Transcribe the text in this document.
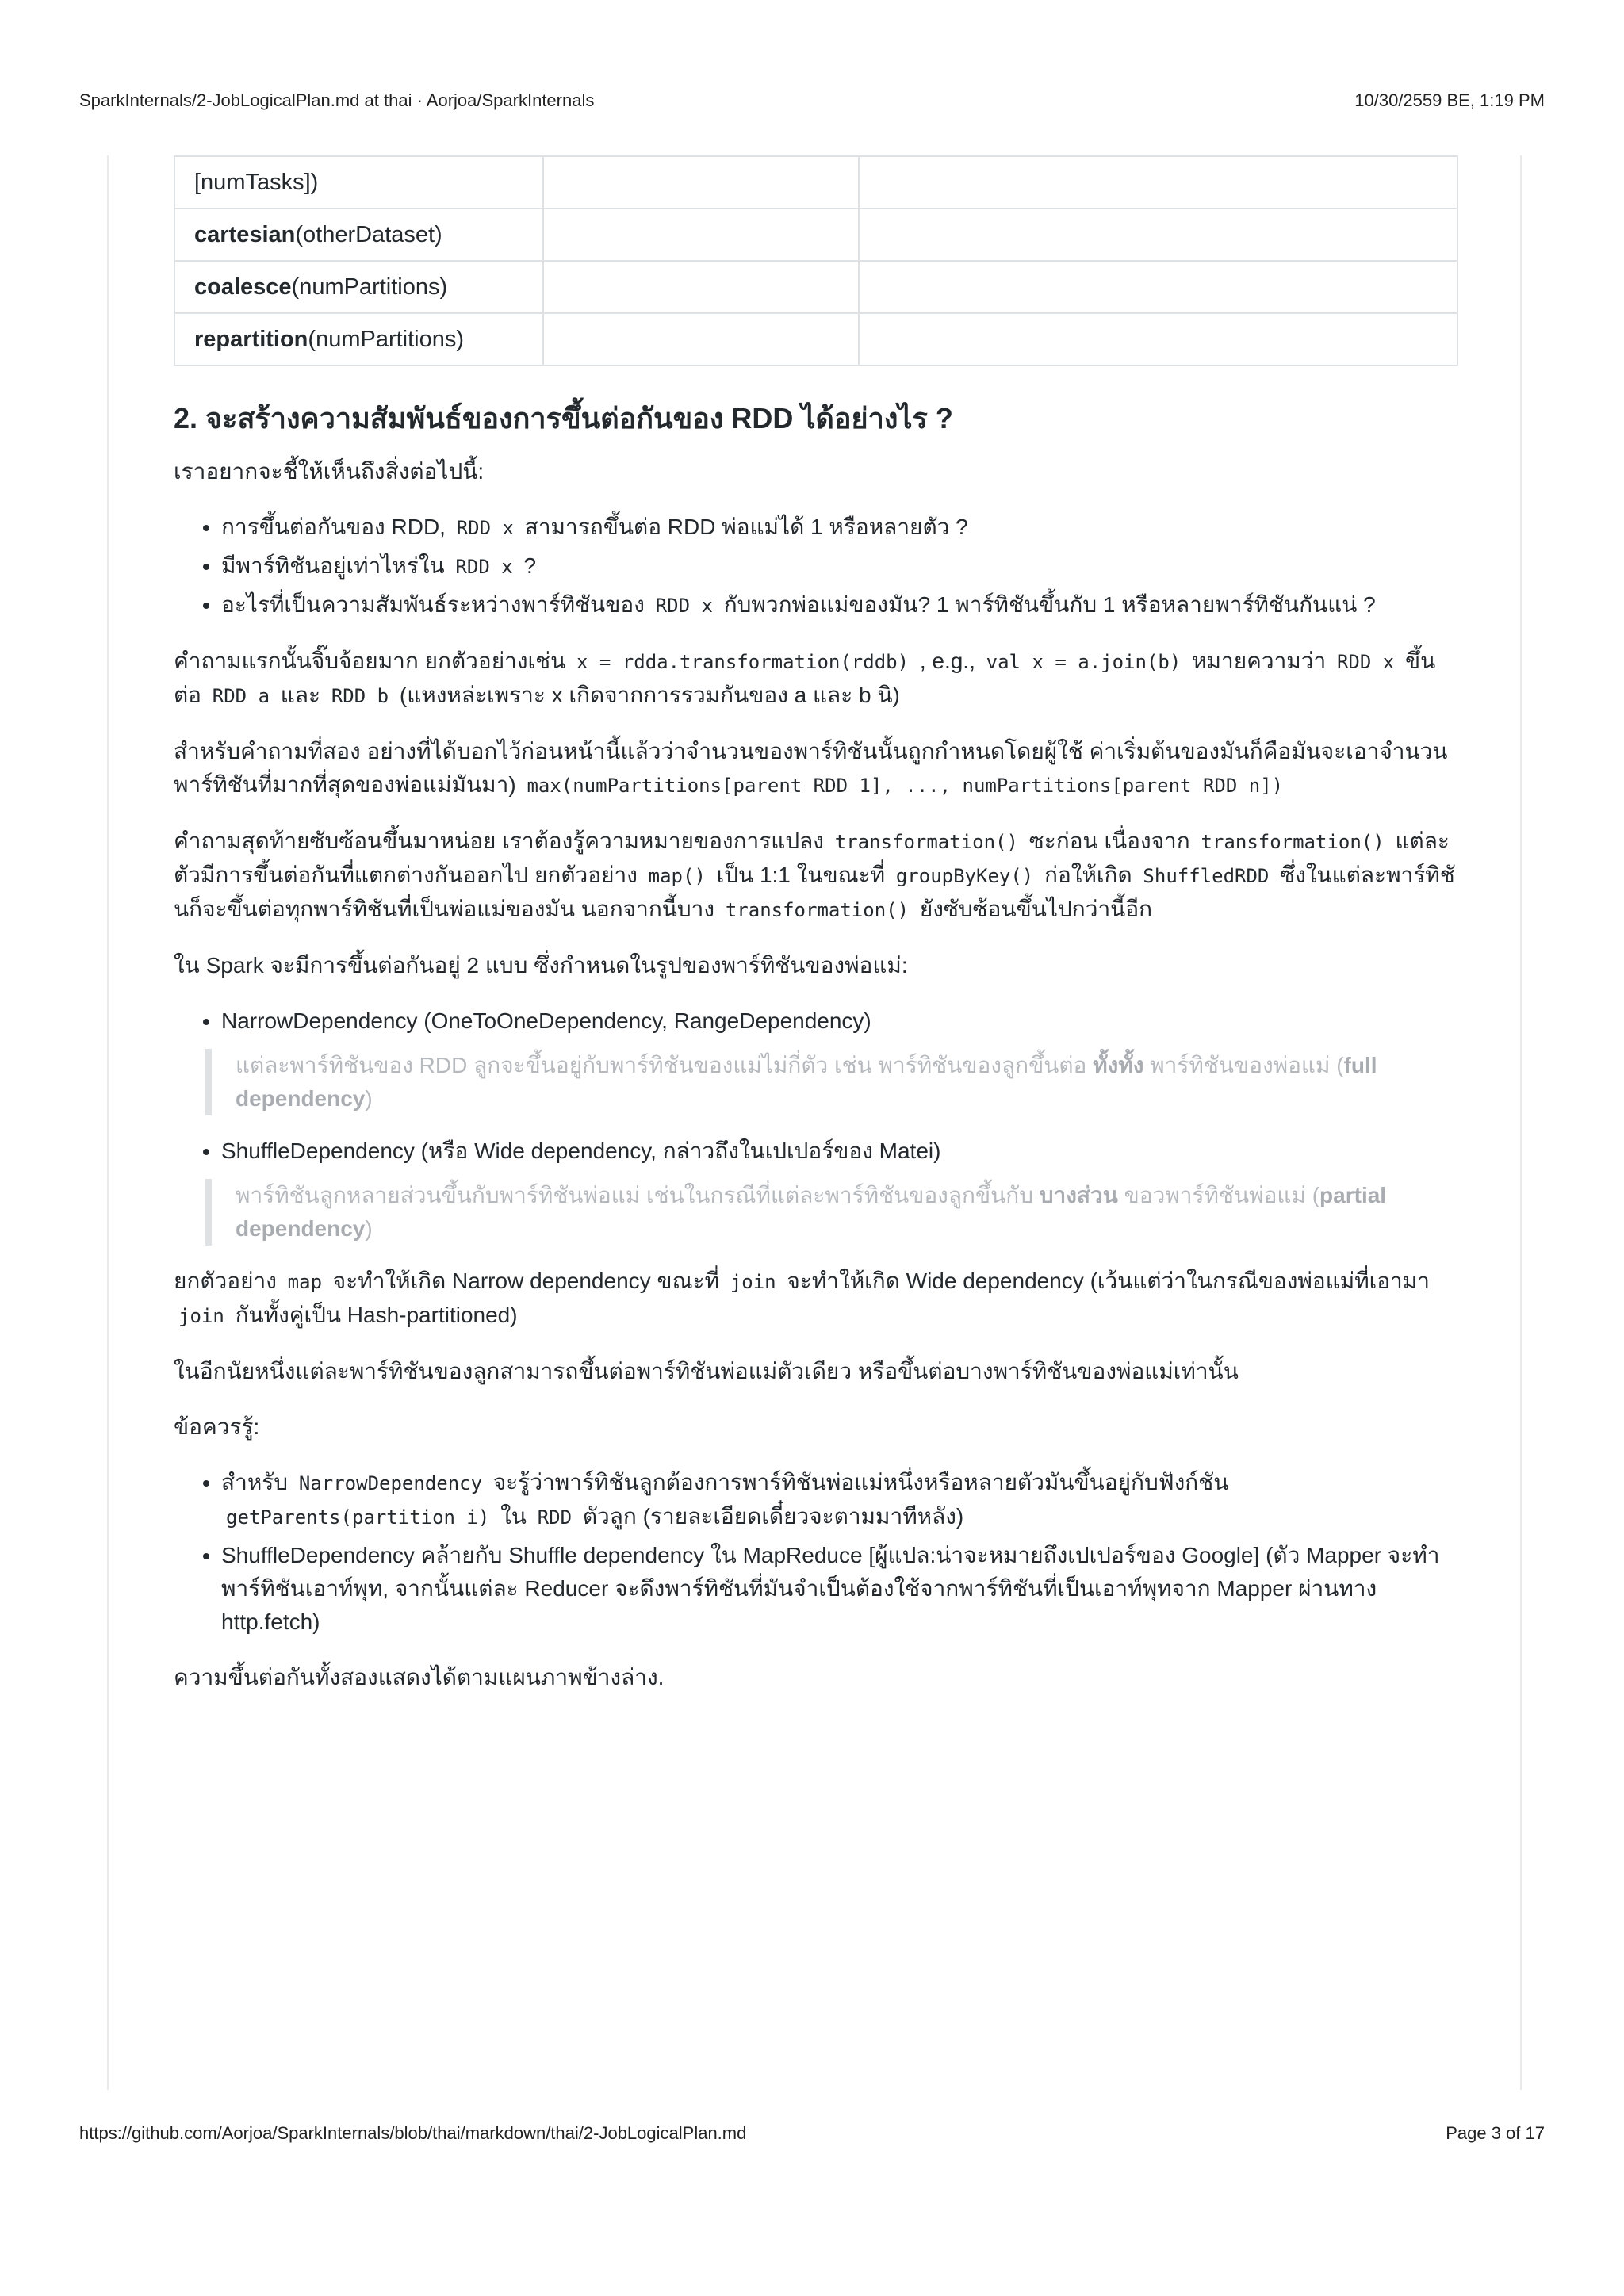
SparkInternals/2-JobLogicalPlan.md at thai · Aorjoa/SparkInternals	10/30/2559 BE, 1:19 PM
[numTasks])		
cartesian(otherDataset)		
coalesce(numPartitions)		
repartition(numPartitions)		
2. จะสร้างความสัมพันธ์ของการขึ้นต่อกันของ RDD ได้อย่างไร ?

เราอยากจะชี้ให้เห็นถึงสิ่งต่อไปนี้:

• การขึ้นต่อกันของ RDD, RDD x สามารถขึ้นต่อ RDD พ่อแม่ได้ 1 หรือหลายตัว ?
• มีพาร์ทิชันอยู่เท่าไหร่ใน RDD x ?
• อะไรที่เป็นความสัมพันธ์ระหว่างพาร์ทิชันของ RDD x กับพวกพ่อแม่ของมัน? 1 พาร์ทิชันขึ้นกับ 1 หรือหลายพาร์ทิชันกันแน่ ?

คำถามแรกนั้นจิ๊บจ้อยมาก ยกตัวอย่างเช่น x = rdda.transformation(rddb) , e.g., val x = a.join(b) หมายความว่า RDD x ขึ้นต่อ RDD a และ RDD b (แหงหล่ะเพราะ x เกิดจากการรวมกันของ a และ b นิ)

สำหรับคำถามที่สอง อย่างที่ได้บอกไว้ก่อนหน้านี้แล้วว่าจำนวนของพาร์ทิชันนั้นถูกกำหนดโดยผู้ใช้ ค่าเริ่มต้นของมันก็คือมันจะเอาจำนวนพาร์ทิชันที่มากที่สุดของพ่อแม่มันมา) max(numPartitions[parent RDD 1], ..., numPartitions[parent RDD n])

คำถามสุดท้ายซับซ้อนขึ้นมาหน่อย เราต้องรู้ความหมายของการแปลง transformation() ซะก่อน เนื่องจาก transformation() แต่ละตัวมีการขึ้นต่อกันที่แตกต่างกันออกไป ยกตัวอย่าง map() เป็น 1:1 ในขณะที่ groupByKey() ก่อให้เกิด ShuffledRDD ซึ่งในแต่ละพาร์ทิชันก็จะขึ้นต่อทุกพาร์ทิชันที่เป็นพ่อแม่ของมัน นอกจากนี้บาง transformation() ยังซับซ้อนขึ้นไปกว่านี้อีก

ใน Spark จะมีการขึ้นต่อกันอยู่ 2 แบบ ซึ่งกำหนดในรูปของพาร์ทิชันของพ่อแม่:

• NarrowDependency (OneToOneDependency, RangeDependency)
แต่ละพาร์ทิชันของ RDD ลูกจะขึ้นอยู่กับพาร์ทิชันของแม่ไม่กี่ตัว เช่น พาร์ทิชันของลูกขึ้นต่อ ทั้งทั้ง พาร์ทิชันของพ่อแม่ (full dependency)
• ShuffleDependency (หรือ Wide dependency, กล่าวถึงในเปเปอร์ของ Matei)
พาร์ทิชันลูกหลายส่วนขึ้นกับพาร์ทิชันพ่อแม่ เช่นในกรณีที่แต่ละพาร์ทิชันของลูกขึ้นกับ บางส่วน ขอวพาร์ทิชันพ่อแม่ (partial dependency)

ยกตัวอย่าง map จะทำให้เกิด Narrow dependency ขณะที่ join จะทำให้เกิด Wide dependency (เว้นแต่ว่าในกรณีของพ่อแม่ที่เอามา join กันทั้งคู่เป็น Hash-partitioned)

ในอีกนัยหนึ่งแต่ละพาร์ทิชันของลูกสามารถขึ้นต่อพาร์ทิชันพ่อแม่ตัวเดียว หรือขึ้นต่อบางพาร์ทิชันของพ่อแม่เท่านั้น

ข้อควรรู้:

• สำหรับ NarrowDependency จะรู้ว่าพาร์ทิชันลูกต้องการพาร์ทิชันพ่อแม่หนึ่งหรือหลายตัวมันขึ้นอยู่กับฟังก์ชัน getParents(partition i) ใน RDD ตัวลูก (รายละเอียดเดี๋ยวจะตามมาทีหลัง)
• ShuffleDependency คล้ายกับ Shuffle dependency ใน MapReduce [ผู้แปล:น่าจะหมายถึงเปเปอร์ของ Google] (ตัว Mapper จะทำพาร์ทิชันเอาท์พุท, จากนั้นแต่ละ Reducer จะดึงพาร์ทิชันที่มันจำเป็นต้องใช้จากพาร์ทิชันที่เป็นเอาท์พุทจาก Mapper ผ่านทาง http.fetch)

ความขึ้นต่อกันทั้งสองแสดงได้ตามแผนภาพข้างล่าง.

https://github.com/Aorjoa/SparkInternals/blob/thai/markdown/thai/2-JobLogicalPlan.md	Page 3 of 17
